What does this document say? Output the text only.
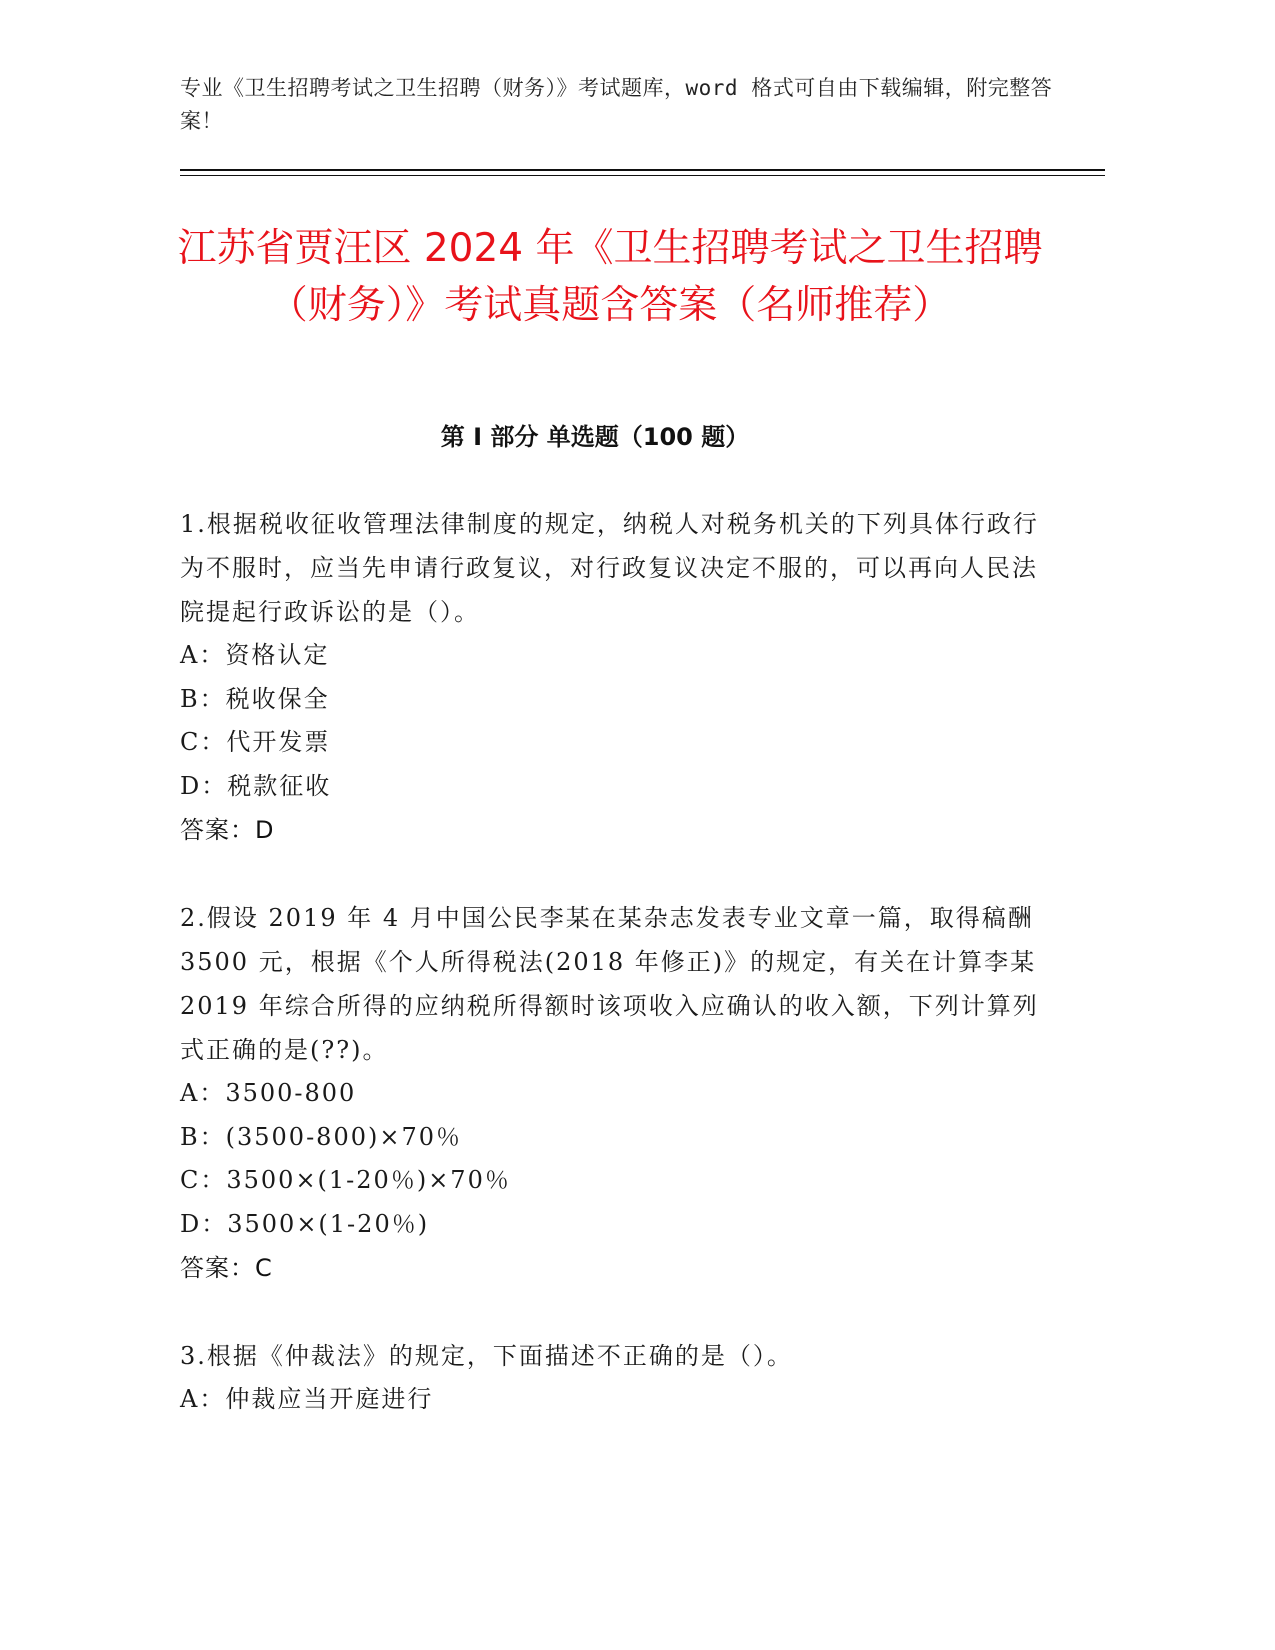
专业《卫生招聘考试之卫生招聘（财务）》考试题库，word 格式可自由下载编辑，附完整答案！
江苏省贾汪区 2024 年《卫生招聘考试之卫生招聘（财务）》考试真题含答案（名师推荐）
第 I 部分 单选题（100 题）
1.根据税收征收管理法律制度的规定，纳税人对税务机关的下列具体行政行为不服时，应当先申请行政复议，对行政复议决定不服的，可以再向人民法院提起行政诉讼的是（）。
A：资格认定
B：税收保全
C：代开发票
D：税款征收
答案：D
2.假设 2019 年 4 月中国公民李某在某杂志发表专业文章一篇，取得稿酬 3500 元，根据《个人所得税法(2018 年修正)》的规定，有关在计算李某 2019 年综合所得的应纳税所得额时该项收入应确认的收入额，下列计算列式正确的是(??)。
A：3500-800
B：(3500-800)×70％
C：3500×(1-20％)×70％
D：3500×(1-20％)
答案：C
3.根据《仲裁法》的规定，下面描述不正确的是（）。
A：仲裁应当开庭进行
